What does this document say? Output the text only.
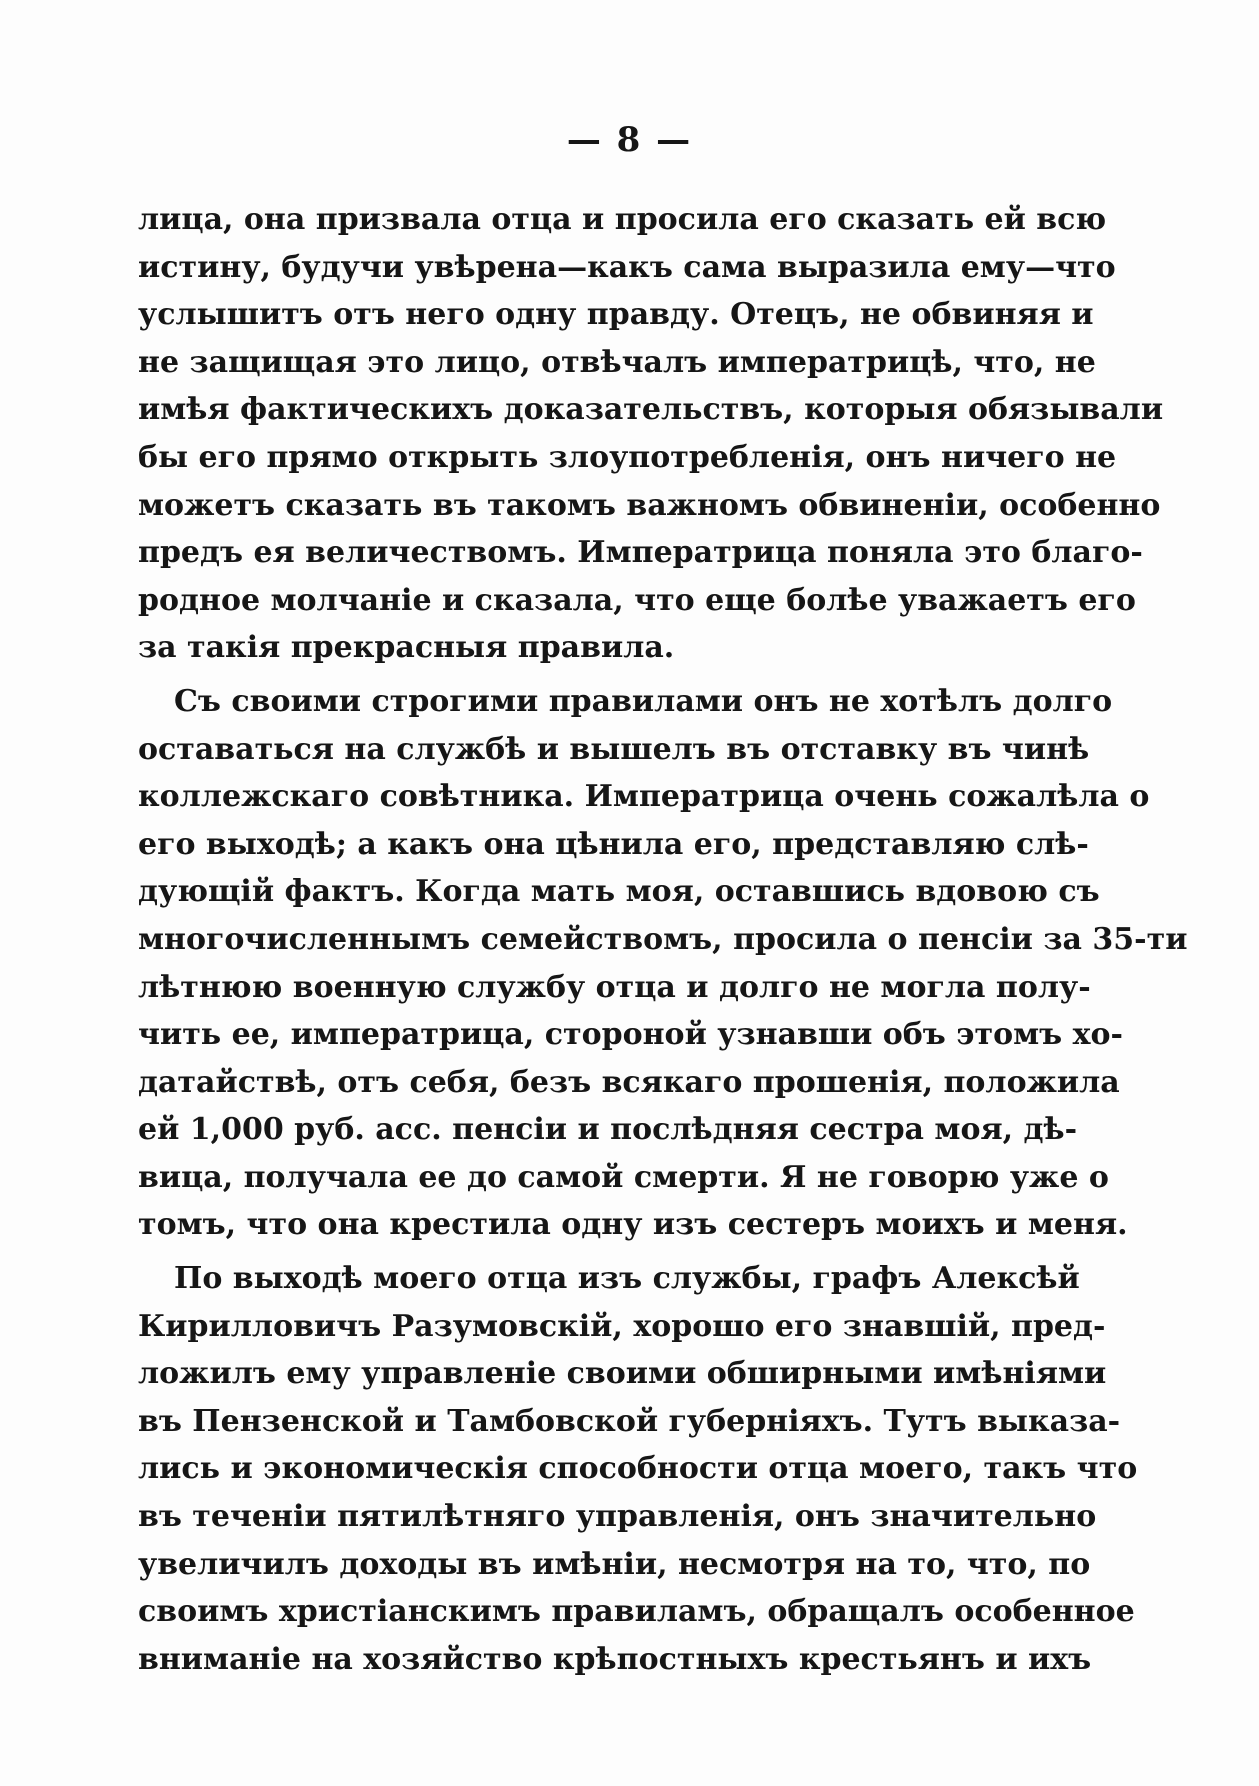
— 8 —
лица, она призвала отца и просила его сказать ей всю
истину, будучи увѣрена—какъ сама выразила ему—что
услышитъ отъ него одну правду. Отецъ, не обвиняя и
не защищая это лицо, отвѣчалъ императрицѣ, что, не
имѣя фактическихъ доказательствъ, которыя обязывали
бы его прямо открыть злоупотребленія, онъ ничего не
можетъ сказать въ такомъ важномъ обвиненіи, особенно
предъ ея величествомъ. Императрица поняла это благо-
родное молчаніе и сказала, что еще болѣе уважаетъ его
за такія прекрасныя правила.
Съ своими строгими правилами онъ не хотѣлъ долго
оставаться на службѣ и вышелъ въ отставку въ чинѣ
коллежскаго совѣтника. Императрица очень сожалѣла о
его выходѣ; а какъ она цѣнила его, представляю слѣ-
дующій фактъ. Когда мать моя, оставшись вдовою съ
многочисленнымъ семействомъ, просила о пенсіи за 35-ти
лѣтнюю военную службу отца и долго не могла полу-
чить ее, императрица, стороной узнавши объ этомъ хо-
датайствѣ, отъ себя, безъ всякаго прошенія, положила
ей 1,000 руб. асс. пенсіи и послѣдняя сестра моя, дѣ-
вица, получала ее до самой смерти. Я не говорю уже о
томъ, что она крестила одну изъ сестеръ моихъ и меня.
По выходѣ моего отца изъ службы, графъ Алексѣй
Кирилловичъ Разумовскій, хорошо его знавшій, пред-
ложилъ ему управленіе своими обширными имѣніями
въ Пензенской и Тамбовской губерніяхъ. Тутъ выказа-
лись и экономическія способности отца моего, такъ что
въ теченіи пятилѣтняго управленія, онъ значительно
увеличилъ доходы въ имѣніи, несмотря на то, что, по
своимъ христіанскимъ правиламъ, обращалъ особенное
вниманіе на хозяйство крѣпостныхъ крестьянъ и ихъ
